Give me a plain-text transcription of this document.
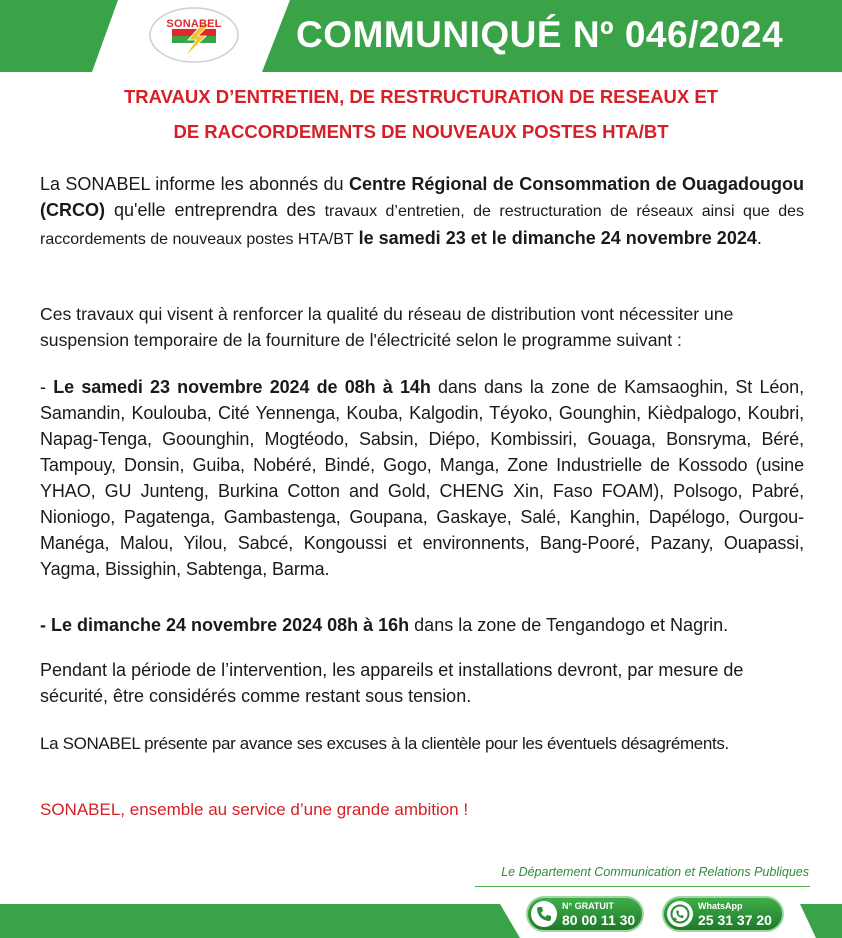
SONABEL	COMMUNIQUÉ Nº 046/2024
TRAVAUX D’ENTRETIEN, DE RESTRUCTURATION DE RESEAUX ET
DE RACCORDEMENTS DE NOUVEAUX POSTES HTA/BT
La SONABEL informe les abonnés du Centre Régional de Consommation de Ouagadougou (CRCO) qu'elle entreprendra des travaux d’entretien, de restructuration de réseaux ainsi que des raccordements de nouveaux postes HTA/BT le samedi 23 et le dimanche 24 novembre 2024.
Ces travaux qui visent à renforcer la qualité du réseau de distribution vont nécessiter une suspension temporaire de la fourniture de l'électricité selon le programme suivant :
- Le samedi 23 novembre 2024 de 08h à 14h dans dans la zone de Kamsaoghin, St Léon, Samandin, Koulouba, Cité Yennenga, Kouba, Kalgodin, Téyoko, Gounghin, Kièdpalogo, Koubri, Napag-Tenga, Goounghin, Mogtéodo, Sabsin, Diépo, Kombissiri, Gouaga, Bonsryma, Béré, Tampouy, Donsin, Guiba, Nobéré, Bindé, Gogo, Manga, Zone Industrielle de Kossodo (usine YHAO, GU Junteng, Burkina Cotton and Gold, CHENG Xin, Faso FOAM), Polsogo, Pabré, Nioniogo, Pagatenga, Gambastenga, Goupana, Gaskaye, Salé, Kanghin, Dapélogo, Ourgou-Manéga, Malou, Yilou, Sabcé, Kongoussi et environnents, Bang-Pooré, Pazany, Ouapassi, Yagma, Bissighin, Sabtenga, Barma.
- Le dimanche 24 novembre 2024 08h à 16h dans la zone de Tengandogo et Nagrin.
Pendant la période de l’intervention, les appareils et installations devront, par mesure de sécurité, être considérés comme restant sous tension.
La SONABEL présente par avance ses excuses à la clientèle pour les éventuels désagréments.
SONABEL, ensemble au service d’une grande ambition !
Le Département Communication et Relations Publiques
N° GRATUIT
80 00 11 30
WhatsApp
25 31 37 20
